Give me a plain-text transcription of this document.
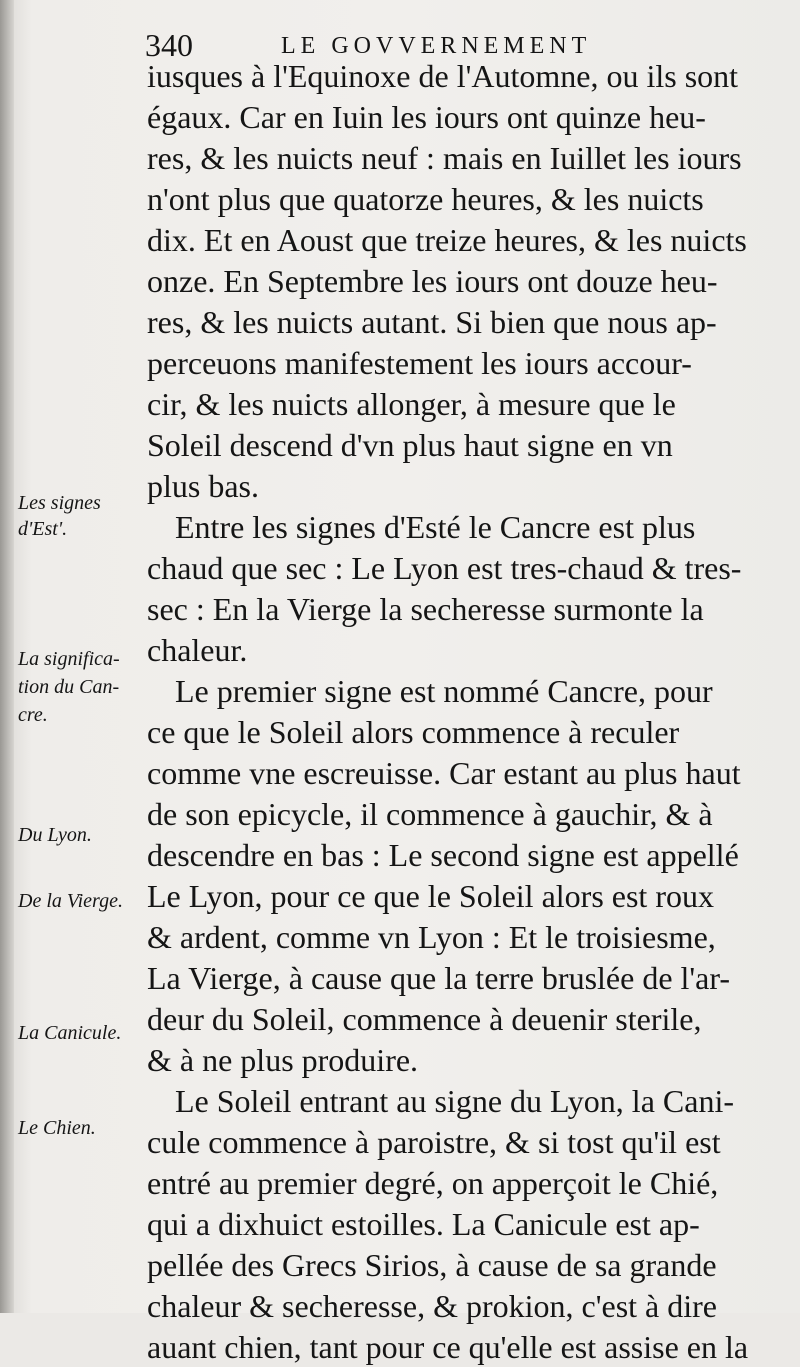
340	LE GOVVERNEMENT
iusques à l'Equinoxe de l'Automne, ou ils sont
égaux. Car en Iuin les iours ont quinze heu-
res, & les nuicts neuf : mais en Iuillet les iours
n'ont plus que quatorze heures, & les nuicts
dix. Et en Aoust que treize heures, & les nuicts
onze. En Septembre les iours ont douze heu-
res, & les nuicts autant. Si bien que nous ap-
perceuons manifestement les iours accour-
cir, & les nuicts allonger, à mesure que le
Soleil descend d'vn plus haut signe en vn
plus bas.
Entre les signes d'Esté le Cancre est plus
chaud que sec : Le Lyon est tres-chaud & tres-
sec : En la Vierge la secheresse surmonte la
chaleur.
Le premier signe est nommé Cancre, pour
ce que le Soleil alors commence à reculer
comme vne escreuisse. Car estant au plus haut
de son epicycle, il commence à gauchir, & à
descendre en bas : Le second signe est appellé
Le Lyon, pour ce que le Soleil alors est roux
& ardent, comme vn Lyon : Et le troisiesme,
La Vierge, à cause que la terre bruslée de l'ar-
deur du Soleil, commence à deuenir sterile,
& à ne plus produire.
Le Soleil entrant au signe du Lyon, la Cani-
cule commence à paroistre, & si tost qu'il est
entré au premier degré, on apperçoit le Chié,
qui a dixhuict estoilles. La Canicule est ap-
pellée des Grecs Sirios, à cause de sa grande
chaleur & secheresse, & prokion, c'est à dire
auant chien, tant pour ce qu'elle est assise en la
Les signes
d'Est'.
La significa-
tion du Can-
cre.
Du Lyon.
De la Vierge.
La Canicule.
Le Chien.
